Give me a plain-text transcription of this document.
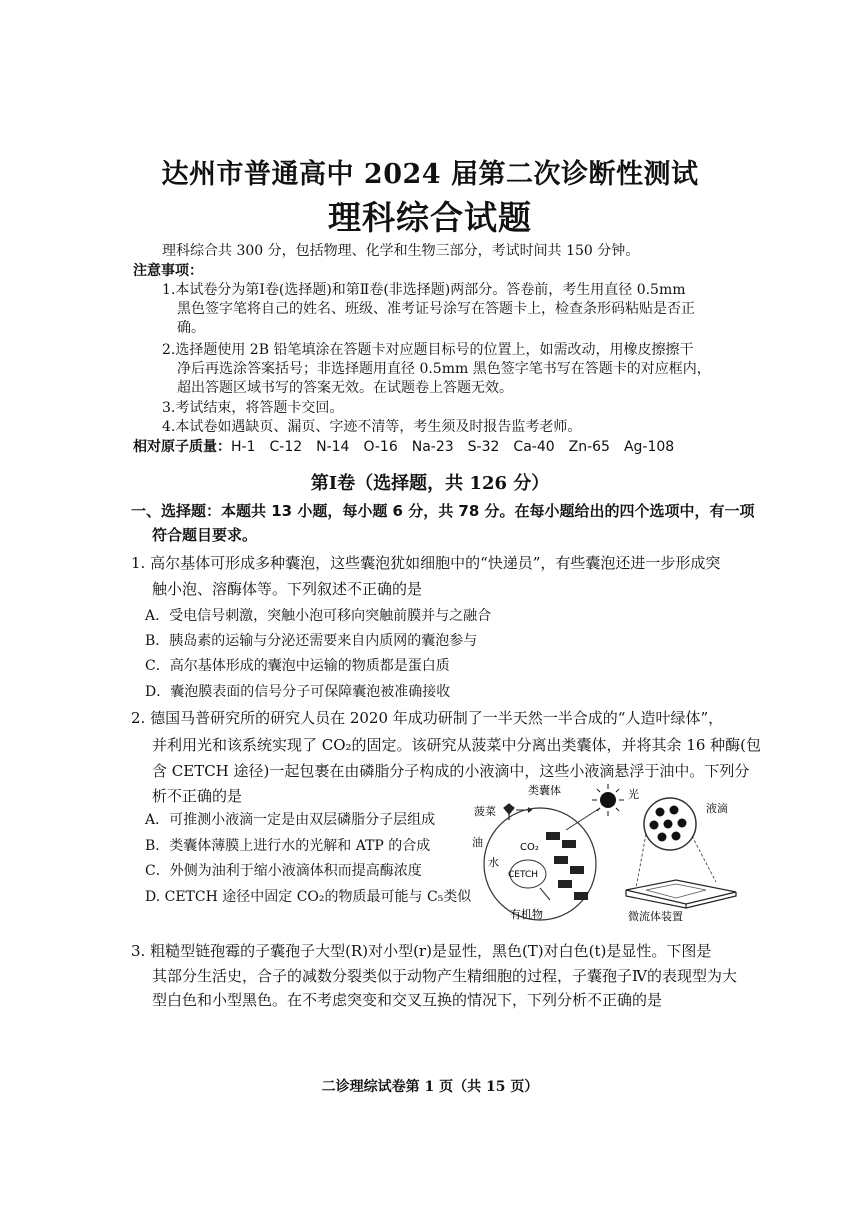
达州市普通高中 2024 届第二次诊断性测试
理科综合试题
理科综合共 300 分，包括物理、化学和生物三部分，考试时间共 150 分钟。
注意事项：
1.本试卷分为第Ⅰ卷(选择题)和第Ⅱ卷(非选择题)两部分。答卷前，考生用直径 0.5mm
黑色签字笔将自己的姓名、班级、准考证号涂写在答题卡上，检查条形码粘贴是否正
确。
2.选择题使用 2B 铅笔填涂在答题卡对应题目标号的位置上，如需改动，用橡皮擦擦干
净后再选涂答案括号；非选择题用直径 0.5mm 黑色签字笔书写在答题卡的对应框内，
超出答题区域书写的答案无效。在试题卷上答题无效。
3.考试结束，将答题卡交回。
4.本试卷如遇缺页、漏页、字迹不清等，考生须及时报告监考老师。
相对原子质量：H-1　C-12　N-14　O-16　Na-23　S-32　Ca-40　Zn-65　Ag-108
第Ⅰ卷（选择题，共 126 分）
一、选择题：本题共 13 小题，每小题 6 分，共 78 分。在每小题给出的四个选项中，有一项
符合题目要求。
1. 高尔基体可形成多种囊泡，这些囊泡犹如细胞中的“快递员”，有些囊泡还进一步形成突
触小泡、溶酶体等。下列叙述不正确的是
A．受电信号刺激，突触小泡可移向突触前膜并与之融合
B．胰岛素的运输与分泌还需要来自内质网的囊泡参与
C．高尔基体形成的囊泡中运输的物质都是蛋白质
D．囊泡膜表面的信号分子可保障囊泡被准确接收
2. 德国马普研究所的研究人员在 2020 年成功研制了一半天然一半合成的“人造叶绿体”，
并利用光和该系统实现了 CO₂的固定。该研究从菠菜中分离出类囊体，并将其余 16 种酶(包
含 CETCH 途径)一起包裹在由磷脂分子构成的小液滴中，这些小液滴悬浮于油中。下列分
析不正确的是
A．可推测小液滴一定是由双层磷脂分子层组成
B．类囊体薄膜上进行水的光解和 ATP 的合成
C．外侧为油利于缩小液滴体积而提高酶浓度
D. CETCH 途径中固定 CO₂的物质最可能与 C₅类似
菠菜
类囊体	光
油
水
CO₂
CETCH
有机物
液滴
微流体装置
3. 粗糙型链孢霉的子囊孢子大型(R)对小型(r)是显性，黑色(T)对白色(t)是显性。下图是
其部分生活史，合子的减数分裂类似于动物产生精细胞的过程，子囊孢子Ⅳ的表现型为大
型白色和小型黑色。在不考虑突变和交叉互换的情况下，下列分析不正确的是
二诊理综试卷第 1 页（共 15 页）
